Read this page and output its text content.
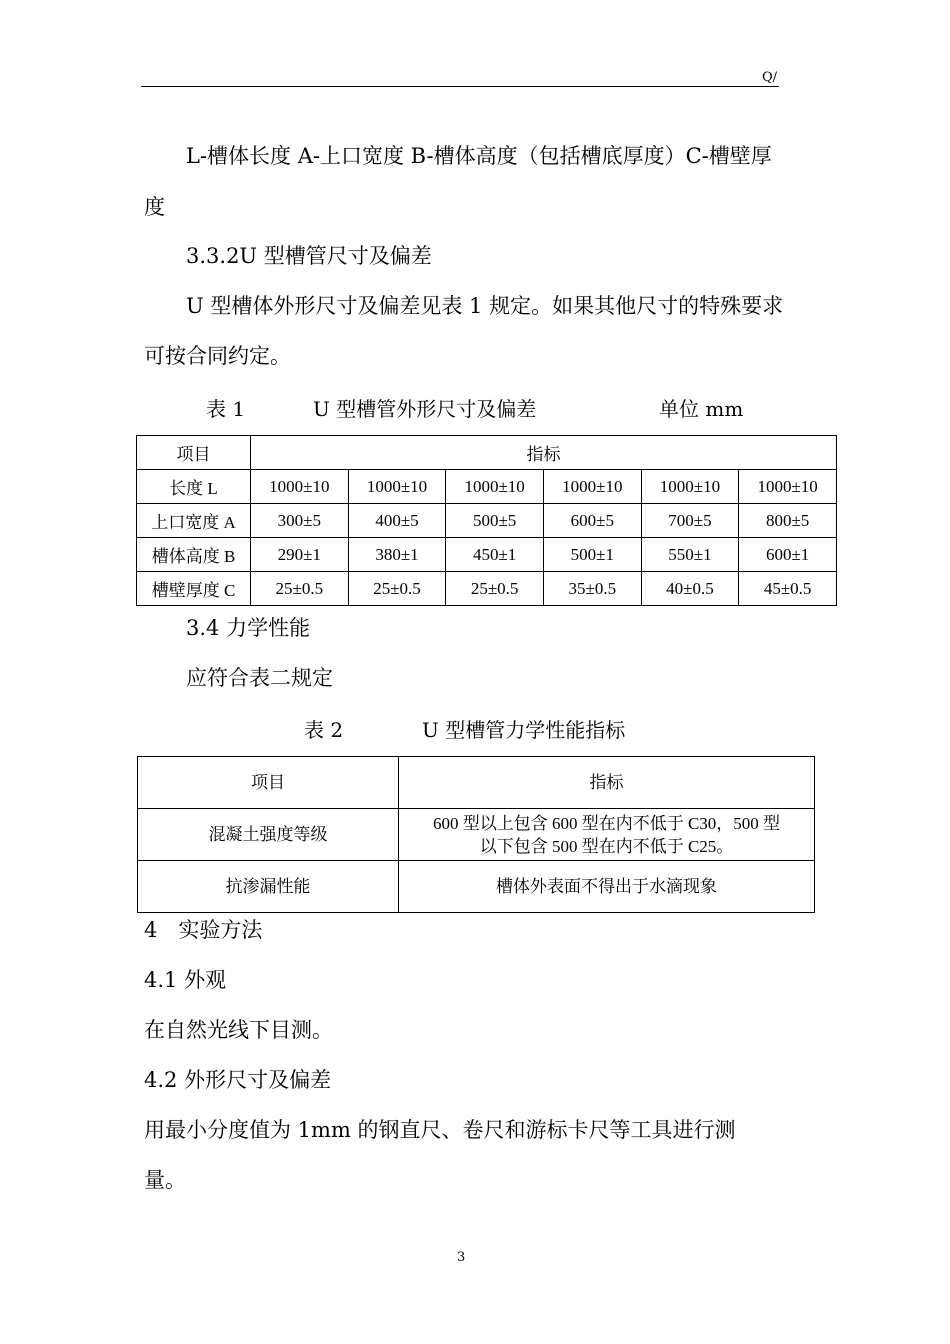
Q/
L-槽体长度 A-上口宽度 B-槽体高度（包括槽底厚度）C-槽壁厚
度
3.3.2U 型槽管尺寸及偏差
U 型槽体外形尺寸及偏差见表 1 规定。如果其他尺寸的特殊要求
可按合同约定。
表 1	U 型槽管外形尺寸及偏差	单位 mm
项目	指标					
长度 L	1000±10	1000±10	1000±10	1000±10	1000±10	1000±10
上口宽度 A	300±5	400±5	500±5	600±5	700±5	800±5
槽体高度 B	290±1	380±1	450±1	500±1	550±1	600±1
槽壁厚度 C	25±0.5	25±0.5	25±0.5	35±0.5	40±0.5	45±0.5
3.4 力学性能
应符合表二规定
表 2	U 型槽管力学性能指标
项目	指标
混凝土强度等级	600 型以上包含 600 型在内不低于 C30，500 型
以下包含 500 型在内不低于 C25。

抗渗漏性能	槽体外表面不得出于水滴现象
4　实验方法
4.1 外观
在自然光线下目测。
4.2 外形尺寸及偏差
用最小分度值为 1mm 的钢直尺、卷尺和游标卡尺等工具进行测
量。
3
